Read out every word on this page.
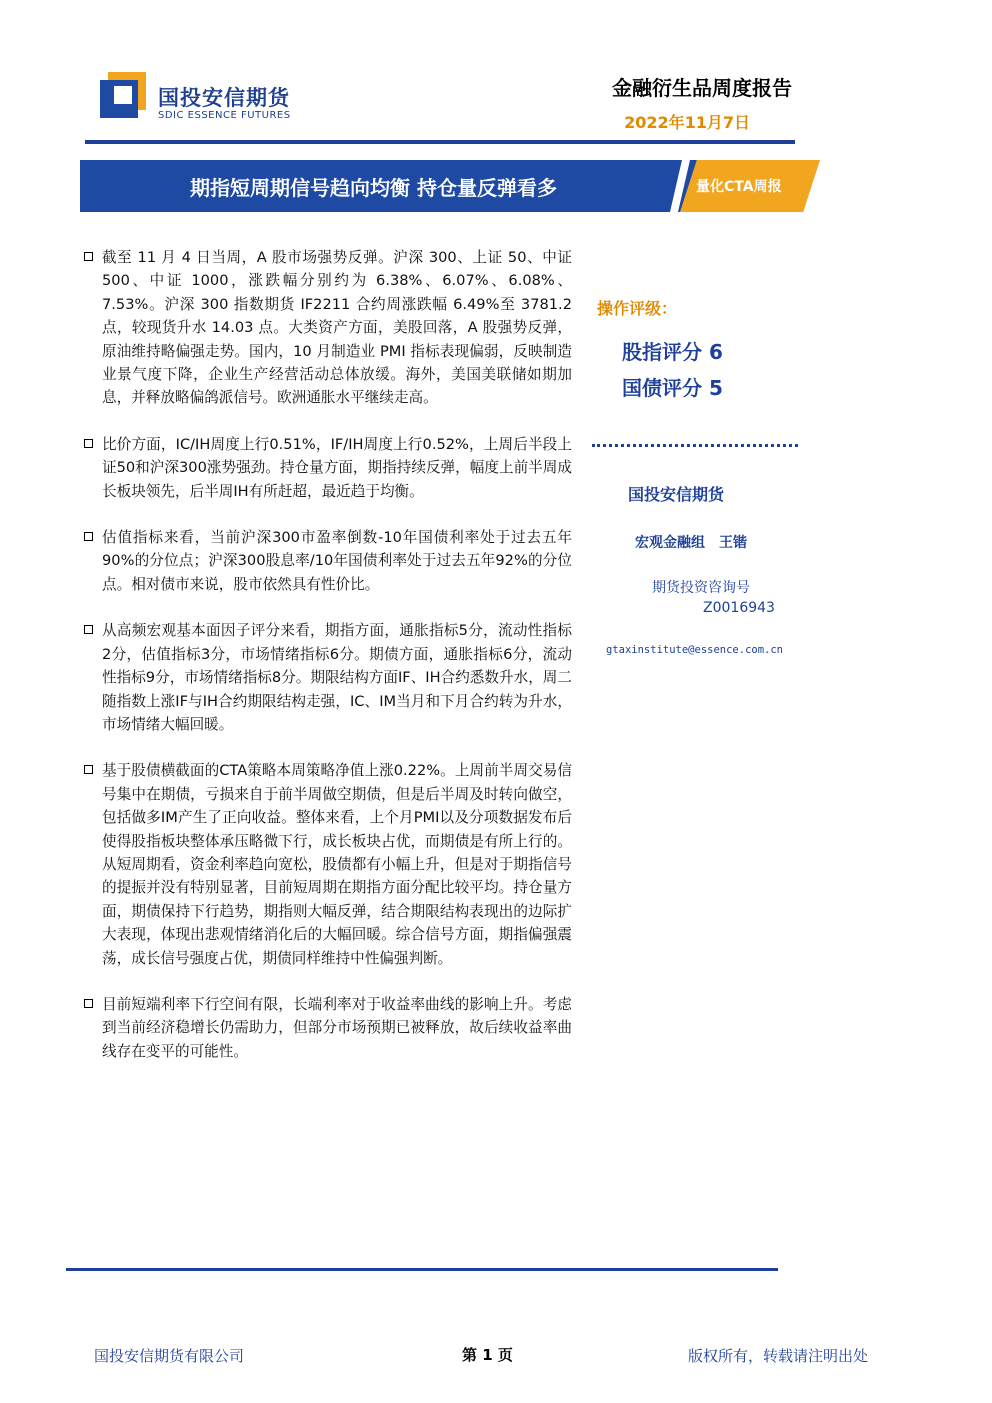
国投安信期货
SDIC ESSENCE FUTURES
金融衍生品周度报告
2022年11月7日
期指短周期信号趋向均衡 持仓量反弹看多	量化CTA周报
截至 11 月 4 日当周，A 股市场强势反弹。沪深 300、上证 50、中证 500、中证 1000，涨跌幅分别约为 6.38%、6.07%、6.08%、7.53%。沪深 300 指数期货 IF2211 合约周涨跌幅 6.49%至 3781.2 点，较现货升水 14.03 点。大类资产方面，美股回落，A 股强势反弹，原油维持略偏强走势。国内，10 月制造业 PMI 指标表现偏弱，反映制造业景气度下降，企业生产经营活动总体放缓。海外，美国美联储如期加息，并释放略偏鸽派信号。欧洲通胀水平继续走高。
比价方面，IC/IH周度上行0.51%，IF/IH周度上行0.52%，上周后半段上证50和沪深300涨势强劲。持仓量方面，期指持续反弹，幅度上前半周成长板块领先，后半周IH有所赶超，最近趋于均衡。
估值指标来看，当前沪深300市盈率倒数-10年国债利率处于过去五年90%的分位点；沪深300股息率/10年国债利率处于过去五年92%的分位点。相对债市来说，股市依然具有性价比。
从高频宏观基本面因子评分来看，期指方面，通胀指标5分，流动性指标2分，估值指标3分，市场情绪指标6分。期债方面，通胀指标6分，流动性指标9分，市场情绪指标8分。期限结构方面IF、IH合约悉数升水，周二随指数上涨IF与IH合约期限结构走强，IC、IM当月和下月合约转为升水，市场情绪大幅回暖。
基于股债横截面的CTA策略本周策略净值上涨0.22%。上周前半周交易信号集中在期债，亏损来自于前半周做空期债，但是后半周及时转向做空，包括做多IM产生了正向收益。整体来看，上个月PMI以及分项数据发布后使得股指板块整体承压略微下行，成长板块占优，而期债是有所上行的。从短周期看，资金利率趋向宽松，股债都有小幅上升，但是对于期指信号的提振并没有特别显著，目前短周期在期指方面分配比较平均。持仓量方面，期债保持下行趋势，期指则大幅反弹，结合期限结构表现出的边际扩大表现，体现出悲观情绪消化后的大幅回暖。综合信号方面，期指偏强震荡，成长信号强度占优，期债同样维持中性偏强判断。
目前短端利率下行空间有限，长端利率对于收益率曲线的影响上升。考虑到当前经济稳增长仍需助力，但部分市场预期已被释放，故后续收益率曲线存在变平的可能性。
操作评级：
股指评分 6
国债评分 5
国投安信期货
宏观金融组　王锴
期货投资咨询号
Z0016943
gtaxinstitute@essence.com.cn
国投安信期货有限公司	第 1 页	版权所有，转载请注明出处
